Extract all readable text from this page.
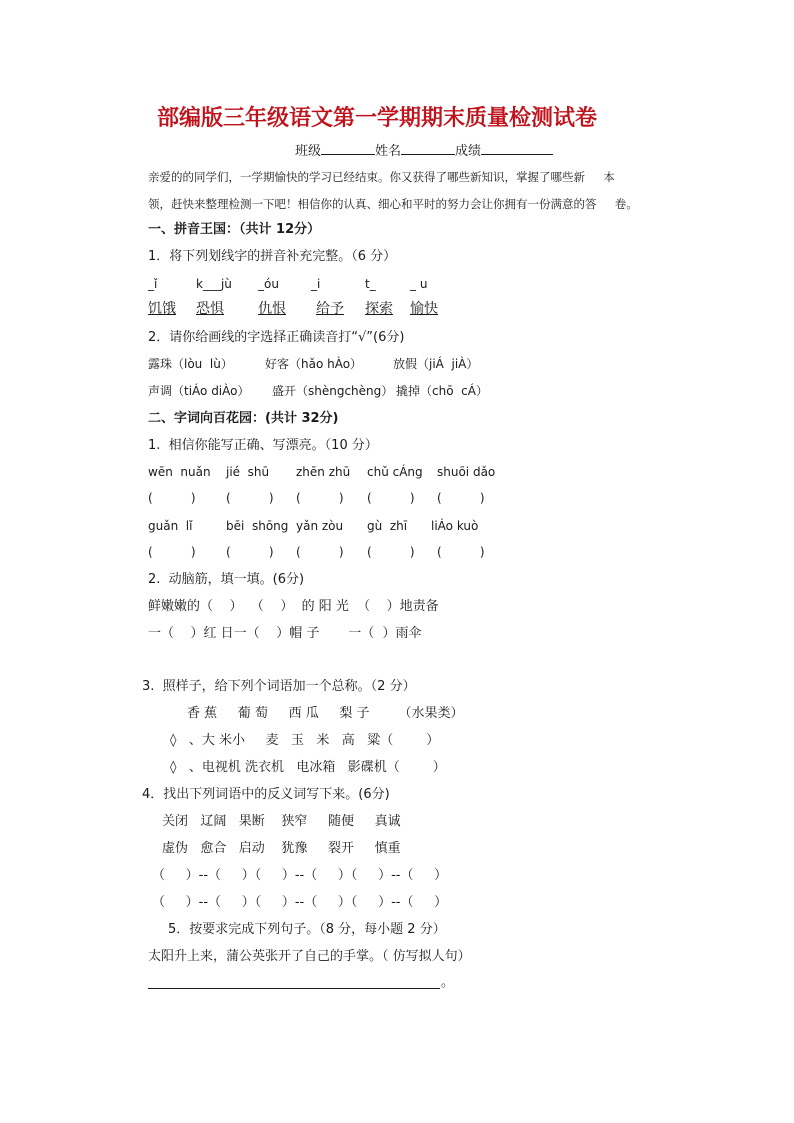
部编版三年级语文第一学期期末质量检测试卷
班级	姓名	成绩
亲爱的的同学们，一学期愉快的学习已经结束。你又获得了哪些新知识，掌握了哪些新     本
领，赶快来整理检测一下吧！相信你的认真、细心和平时的努力会让你拥有一份满意的答     卷。
一、拼音王国：（共计 12分）
1．将下列划线字的拼音补充完整。（6 分）
_ǐ	k___jù _óu	_i	t_	_ u
饥饿 恐惧 仇恨 给予 探索 愉快
2．请你给画线的字选择正确读音打“√”(6分)
露珠（lòu  lù）	好客（hǎo hÀo）	放假（jiÁ  jiÀ）
声调（tiÁo diÀo） 盛开（shèngchèng） 撬掉（chō  cÁ）
二、字词向百花园：(共计 32分)
1.  相信你能写正确、写漂亮。（10 分）
wēn  nuǎn jié  shū zhēn zhū chǔ cÁng shuōi dǎo
(          )	(          ) (          ) (          ) (          )
guǎn  lǐ	bēi  shōng yǎn zòu gù  zhī liÁo kuò
(          )	(          ) (          ) (          ) (          )
2.  动脑筋，填一填。(6分)
鲜嫩嫩的（    ）  （    ）  的 阳 光  （    ）地责备
一（    ）红 日一（    ）帽 子       一（  ）雨伞
3.  照样子，给下列个词语加一个总称。（2 分）
香 蕉     葡 萄     西 瓜     梨 子       （水果类）
◊   、大 米小     麦   玉   米   高   粱（        ）
◊   、电视机 洗衣机   电冰箱   影碟机（        ）
4．找出下列词语中的反义词写下来。(6分)
关闭   辽阔   果断    狭窄     随便     真诚
虚伪   愈合   启动    犹豫     裂开     慎重
（     ）--（     ）（     ）--（     ）（     ）--（     ）
（     ）--（     ）（     ）--（     ）（     ）--（     ）
5．按要求完成下列句子。（8 分，每小题 2 分）
太阳升上来，蒲公英张开了自己的手掌。（ 仿写拟人句）
。
